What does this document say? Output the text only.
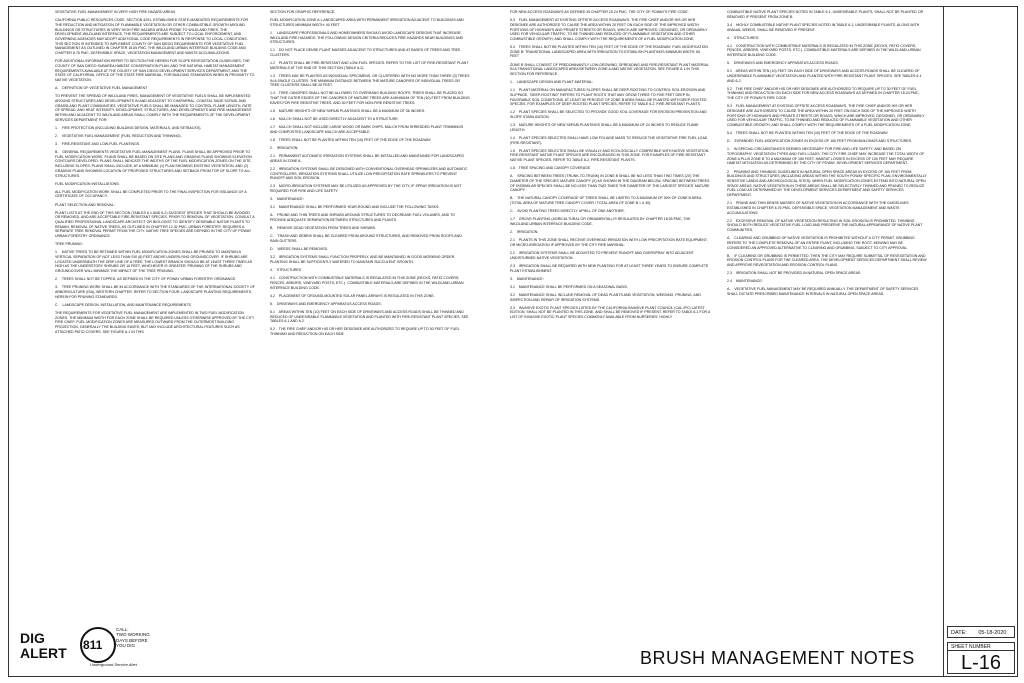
VEGETATIVE FUEL MANAGEMENT IN VERY HIGH FIRE HAZARD AREAS

CALIFORNIA PUBLIC RESOURCES CODE, SECTION 4291, ESTABLISHED STATE-MANDATED REQUIREMENTS FOR THE REDUCTION AND MITIGATION OF FLAMMABLE VEGETATION OR OTHER COMBUSTIBLE GROWTH AROUND BUILDINGS OR STRUCTURES IN VERY HIGH FIRE HAZARD AREAS PRONE TO WILDLAND FIRES. THE DEVELOPMENT-WILDLAND INTERFACE, THE REQUIREMENTS ARE SUBJECT TO LOCAL ENFORCEMENT, AND GOVERNING AGENCIES MAY ADOPT ADDITIONAL CODE REQUIREMENTS IN RESPONSE TO LOCAL CONDITIONS. THIS SECTION IS INTENDED TO IMPLEMENT COUNTY OF SAN DIEGO REQUIREMENTS FOR VEGETATIVE FUEL MANAGEMENT AS OUTLINED IN CHAPTER 15.05 PMC, THE WILDLAND-URBAN INTERFACE BUILDING CODE AND CHAPTER 8.76 PMC, DEFENSIBLE SPACE, VEGETATION MANAGEMENT AND WASTE ACCUMULATIONS.

FOR ADDITIONAL INFORMATION REFER TO SECTION FIVE HEREIN FOR SLOPE REVEGETATION GUIDELINES, THE COUNTY OF SAN DIEGO SUBAREA HABITAT CONSERVATION PLAN, AND THE NATURAL HABITAT MANAGEMENT REQUIREMENTS AVAILABLE AT THE COUNTY OF SAN DIEGO DEVELOPMENT SERVICES DEPARTMENT, AND THE STATE OF CALIFORNIA, OFFICE OF THE STATE FIRE MARSHAL, FOR BUILDING STANDARDS WHEN IN PROXIMITY TO NATIVE VEGETATION.

A.    DEFINITION OF VEGETATIVE FUEL MANAGEMENT

TO PREVENT THE SPREAD OF WILDLAND FIRES, MANAGEMENT OF VEGETATIVE FUELS SHALL BE IMPLEMENTED AROUND STRUCTURES AND DEVELOPMENTS IN AND ADJACENT TO CHAPARRAL, COASTAL SAGE SCRUB, AND GRASSLAND PLANT COMMUNITIES. VEGETATIVE FUELS SHALL BE MANAGED TO CONTROL FLAME LENGTH, RATE OF SPREAD, AND HEAT INTENSITY. DEVELOPMENT, STRUCTURES, AND DEVELOPMENTS AND FIRE MANAGEMENT WITHIN AND ADJACENT TO WILDLAND AREAS SHALL COMPLY WITH THE REQUIREMENTS OF THE DEVELOPMENT SERVICES DEPARTMENT FOR:

1.    FIRE PROTECTION (INCLUDING BUILDING DESIGN, MATERIALS, AND SETBACKS).

2.    VEGETATIVE FUEL MANAGEMENT (FUEL REDUCTION AND THINNING).

3.    FIRE-RESISTANT AND LOW-FUEL PLANTINGS.

B.    GENERAL REQUIREMENTS VEGETATIVE FUEL MANAGEMENT PLANS. PLANS SHALL BE APPROVED PRIOR TO FUEL MODIFICATION WORK. PLANS SHALL BE BASED ON SITE PLANS AND GRADING PLANS SHOWING ELEVATION CONTOURS DEVELOPED. PLANS SHALL INDICATE THE WIDTHS OF THE FUEL MODIFICATION ZONES ON THE SITE, INCLUDING SLOPES. PLANS SHALL INCLUDE, AT A MINIMUM: (1) PLAN SHOWING EXISTING VEGETATION, AND (2) GRADING PLANS SHOWING LOCATION OF PROPOSED STRUCTURES AND SETBACK FROM TOP OF SLOPE TO ALL STRUCTURES.

FUEL MODIFICATION INSTALLATIONS:

ALL FUEL MODIFICATION WORK SHALL BE COMPLETED PRIOR TO THE FINAL INSPECTION FOR ISSUANCE OF A CERTIFICATE OF OCCUPANCY.

PLANT SELECTION AND REMOVAL:

PLANT LISTS AT THE END OF THIS SECTION (TABLES 6-1 AND 6-2) SUGGEST SPECIES THAT SHOULD BE AVOIDED OR REMOVED, AND ARE ACCEPTABLE FIRE-RESISTANT SPECIES. PRIOR TO REMOVAL OF VEGETATION, CONSULT A QUALIFIED PROFESSIONAL LANDSCAPE ARCHITECT OR BIOLOGIST TO IDENTIFY DESIRABLE NATIVE PLANTS TO REMAIN. REMOVAL OF NATIVE TREES, AS OUTLINED IN CHAPTER 12.32 PMC, URBAN FORESTRY, REQUIRES A SEPARATE TREE REMOVAL PERMIT FROM THE CITY. NATIVE TREE SPECIES ARE DEFINED IN THE CITY OF POWAY URBAN FORESTRY ORDINANCE.

TREE PRUNING:

1.    NATIVE TREES TO BE RETAINED WITHIN FUEL MODIFICATION ZONES SHALL BE PRUNED TO MAINTAIN A VERTICAL SEPARATION OF NOT LESS THAN SIX (6) FEET ABOVE UNDERLYING GROUNDCOVER. IF SHRUBS ARE LOCATED UNDERNEATH THE DRIP LINE OF A TREE, THE LOWEST BRANCH SHOULD BE AT LEAST THREE TIMES AS HIGH AS THE UNDERSTORY SHRUBS OR 10 FEET, WHICHEVER IS GREATER. PRUNING OF THE SHRUBS AND GROUNDCOVER WILL MINIMIZE THE IMPACT OF THE TREE PRUNING.

2.    TREES SHALL NOT BE TOPPED, AS DEFINED IN THE CITY OF POWAY URBAN FORESTRY ORDINANCE.

3.    TREE PRUNING WORK SHALL BE IN ACCORDANCE WITH THE STANDARDS OF THE INTERNATIONAL SOCIETY OF ARBORICULTURE (ISA), WESTERN CHAPTER. REFER TO SECTION FOUR, LANDSCAPE PLANTING REQUIREMENTS, HEREIN FOR PRUNING STANDARDS.

C.    LANDSCAPE DESIGN, INSTALLATION, AND MAINTENANCE REQUIREMENTS

THE REQUIREMENTS FOR VEGETATIVE FUEL MANAGEMENT ARE IMPLEMENTED IN TWO FUEL MODIFICATION ZONES. THE MINIMUM WIDTH FOR EACH ZONE SHALL BE REQUIRED UNLESS OTHERWISE APPROVED BY THE CITY FIRE CHIEF. FUEL MODIFICATION ZONES ARE MEASURED OUTWARD FROM THE OUTERMOST BUILDING PROJECTION, GENERALLY THE BUILDING EAVES, BUT MAY INCLUDE ARCHITECTURAL FEATURES SUCH AS ATTACHED PATIO COVERS. SEE FIGURE 6-1 IN THIS

SECTION FOR GRAPHIC REFERENCE.

FUEL MODIFICATION ZONE A: LANDSCAPED AREA WITH PERMANENT IRRIGATION ADJACENT TO BUILDINGS AND STRUCTURES MINIMUM WIDTH: 40 FEET

1.    LANDSCAPE PROFESSIONALS AND HOMEOWNERS SHOULD AVOID LANDSCAPE DESIGNS THAT INCREASE WILDLAND FIRE HAZARDS. THE FOLLOWING DESIGN CRITERIA REDUCES FIRE HAZARDS NEAR BUILDINGS AND STRUCTURES:

1.1    DO NOT PLACE DENSE PLANT MASSES ADJACENT TO STRUCTURES AND AT BASES OF TREES AND TREE CLUSTERS.

1.2    PLANTS SHALL BE FIRE-RESISTANT AND LOW-FUEL SPECIES. REFER TO THE LIST OF FIRE-RESISTANT PLANT MATERIALS AT THE END OF THIS SECTION (TABLE 6-2).

1.3    TREES MAY BE PLANTED AS INDIVIDUAL SPECIMENS, OR CLUSTERED WITH NO MORE THAN THREE (3) TREES IN A SINGLE CLUSTER. THE MINIMUM DISTANCE BETWEEN THE MATURE CANOPIES OF INDIVIDUAL TREES OR TREE CLUSTERS SHALL BE 20 FEET.

1.4    TREE CANOPIES SHALL NOT BE ALLOWED TO OVERHANG BUILDING ROOFS. TREES SHALL BE PLACED SO THAT THE OUTER EDGES OF THE CANOPIES OF MATURE TREES ARE A MINIMUM OF TEN (10) FEET FROM BUILDING EAVES FOR FIRE RESISTIVE TREES, AND 30 FEET FOR NON-FIRE RESISTIVE TREES.

1.5    MATURE HEIGHTS OF NEW SHRUB PLANTINGS SHALL BE A MAXIMUM OF 36 INCHES.

1.6    MULCH SHALL NOT BE USED DIRECTLY ADJACENT TO A STRUCTURE.

1.7    MULCH SHALL NOT INCLUDE LARGE WOOD OR BARK CHIPS. MULCH FROM SHREDDED PLANT TRIMMINGS AND COMPOSTED LANDSCAPE MULCH ARE ACCEPTABLE.

1.8    TREES SHALL NOT BE PLANTED WITHIN TEN (10) FEET OF THE EDGE OF THE ROADWAY.

2.    IRRIGATION:

2.1    PERMANENT AUTOMATIC IRRIGATION SYSTEMS SHALL BE INSTALLED AND MAINTAINED FOR LANDSCAPED AREAS IN ZONE A.

2.2    IRRIGATION SYSTEMS SHALL BE DESIGNED WITH CONVENTIONAL OVERHEAD SPRINKLERS AND AUTOMATIC CONTROLLERS. IRRIGATION SYSTEMS SHALL UTILIZE LOW PRECIPITATION RATE SPRINKLERS TO PREVENT RUNOFF AND SOIL EROSION.

2.3    MICRO-IRRIGATION SYSTEMS MAY BE UTILIZED AS APPROVED BY THE CITY, IF SPRAY IRRIGATION IS NOT REQUIRED FOR FIRE AND LIFE SAFETY.

3.    MAINTENANCE:

3.1    MAINTENANCE SHALL BE PERFORMED YEAR-ROUND AND INCLUDE THE FOLLOWING TASKS:

A.    PRUNE AND THIN TREES AND SHRUBS AROUND STRUCTURES TO DECREASE FUEL VOLUMES, AND TO PROVIDE ADEQUATE SEPARATION BETWEEN STRUCTURES AND PLANTS.

B.    REMOVE DEAD VEGETATION FROM TREES AND SHRUBS.

C.    TRASH AND DEBRIS SHALL BE CLEARED FROM AROUND STRUCTURES, AND REMOVED FROM ROOFS AND RAIN GUTTERS.

D.    WEEDS SHALL BE REMOVED.

3.2    IRRIGATION SYSTEMS SHALL FUNCTION PROPERLY, AND BE MAINTAINED IN GOOD WORKING ORDER. PLANTING SHALL BE SUFFICIENTLY WATERED TO MAINTAIN SUCCULENT GROWTH.

4.    STRUCTURES

4.1    CONSTRUCTION WITH COMBUSTIBLE MATERIALS IS REGULATED IN THIS ZONE (DECKS, PATIO COVERS, FENCES, ARBORS, VINEYARD POSTS, ETC.). COMBUSTIBLE MATERIALS ARE DEFINED IN THE WILDLAND-URBAN INTERFACE BUILDING CODE.

4.2    PLACEMENT OF GROUND-MOUNTED SOLAR PANEL ARRAYS IS REGULATED IN THIS ZONE.

5.    DRIVEWAYS AND EMERGENCY APPARATUS ACCESS ROADS:

5.1    AREAS WITHIN TEN (10) FEET ON EACH SIDE OF DRIVEWAYS AND ACCESS ROADS SHALL BE THINNED AND REDUCED OF UNDESIRABLE FLAMMABLE VEGETATION AND PLANTED WITH FIRE-RESISTANT PLANT SPECIES. SEE TABLES 6-1 AND 6-2.

5.2    THE FIRE CHIEF AND/OR HIS OR HER DESIGNEE ARE AUTHORIZED TO REQUIRE UP TO 30 FEET OF FUEL THINNING AND REDUCTION ON EACH SIDE

FOR NEW ACCESS ROADWAYS AS DEFINED IN CHAPTER 15.24 PMC, THE CITY OF POWAY'S FIRE CODE.

5.3    FUEL MANAGEMENT AT EXISTING OFFSITE ACCESS ROADWAYS. THE FIRE CHIEF AND/OR HIS OR HER DESIGNEE ARE AUTHORIZED TO CAUSE THE AREA WITHIN 20 FEET ON EACH SIDE OF THE IMPROVED WIDTH PORTIONS OF HIGHWAYS AND PRIVATE STREETS OR ROADS, WHICH ARE IMPROVED, DESIGNED, OR ORDINARILY USED FOR VEHICULAR TRAFFIC, TO BE THINNED AND REDUCED OF FLAMMABLE VEGETATION AND OTHER COMBUSTIBLE GROWTH, AND SHALL COMPLY WITH THE REQUIREMENTS OF A FUEL MODIFICATION ZONE.

5.4    TREES SHALL NOT BE PLANTED WITHIN TEN (10) FEET OF THE EDGE OF THE ROADWAY. FUEL MODIFICATION ZONE B: TRANSITIONAL LANDSCAPED AREA WITH IRRIGATION TO ESTABLISH PLANTINGS MINIMUM WIDTH: 60 FEET

ZONE B SHALL CONSIST OF PREDOMINANTLY LOW-GROWING, SPREADING AND FIRE-RESISTANT PLANT MATERIAL IN A TRANSITIONAL LANDSCAPED AREA BETWEEN ZONE A AND NATIVE VEGETATION. SEE FIGURE 6-1 IN THIS SECTION FOR REFERENCE.

1.    LANDSCAPE DESIGN AND PLANT MATERIAL:

1.1    PLANT MATERIAL ON MANUFACTURED SLOPES SHALL BE DEEP-ROOTING TO CONTROL SOIL EROSION AND SLIPPAGE. "DEEP-ROOTING" REFERS TO PLANT ROOTS THAT MAY GROW THREE TO FIVE FEET DEEP IN FAVORABLE SOIL CONDITIONS. AT LEAST 50 PERCENT OF ZONE B AREA SHALL BE PLANTED WITH DEEP-ROOTED SPECIES. FOR EXAMPLES OF DEEP-ROOTED PLANT SPECIES, REFER TO TABLE 6-2, FIRE-RESISTANT PLANTS.

1.2    PLANT SPECIES SHALL BE SELECTED TO PROVIDE GOOD SOIL COVERAGE FOR EROSION PREVENTION AND SLOPE STABILIZATION.

1.3    MATURE HEIGHTS OF NEW SHRUB PLANTINGS SHALL BE A MAXIMUM OF 24 INCHES TO REDUCE FLAME LENGTH.

1.4    PLANT SPECIES SELECTED SHALL HAVE LOW FOLIAGE MASS TO REDUCE THE VEGETATIVE FIRE FUEL LOAD (FIRE-RESISTANT).

1.5    PLANT SPECIES SELECTED SHALL BE VISUALLY AND ECOLOGICALLY COMPATIBLE WITH NATIVE VEGETATION. FIRE-RESISTANT NATIVE PLANT SPECIES ARE ENCOURAGED IN THIS ZONE. FOR EXAMPLES OF FIRE-RESISTANT NATIVE PLANT SPECIES, REFER TO TABLE 6-2, FIRE-RESISTANT PLANTS.

1.6    TREE SPACING AND CANOPY COVERAGE

A.    SPACING BETWEEN TREES (TRUNK-TO-TRUNK) IN ZONE B SHALL BE NO LESS THAN TWO TIMES (2X) THE DIAMETER OF THE SPECIES' MATURE CANOPY (X) AS SHOWN IN THE DIAGRAM BELOW. SPACING BETWEEN TREES OF DISSIMILAR SPECIES SHALL BE NO LESS THAN TWO TIMES THE DIAMETER OF THE LARGEST SPECIES' MATURE CANOPY.

B.    THE NATURAL CANOPY COVERAGE OF TREES SHALL BE LIMITED TO A MAXIMUM OF 30% OF ZONE B AREA (TOTAL AREA OF MATURE TREE CANOPY COVER / TOTAL AREA OF ZONE B < 0.30).

C.    AVOID PLANTING TREES DIRECTLY UPHILL OF ONE ANOTHER.

1.7    GROVE PLANTING (AGRICULTURAL OR ORNAMENTAL) IS REGULATED BY CHAPTER 15.05 PMC, THE WILDLAND-URBAN INTERFACE BUILDING CODE.

2.    IRRIGATION:

2.1    PLANTS IN THIS ZONE SHALL RECEIVE OVERHEAD IRRIGATION WITH LOW PRECIPITATION RATE EQUIPMENT, OR MICRO-IRRIGATION IF APPROVED BY THE CITY FIRE MARSHAL.

2.2    IRRIGATION SYSTEMS SHALL BE ADJUSTED TO PREVENT RUNOFF AND OVERSPRAY INTO ADJACENT UNDISTURBED NATIVE VEGETATION.

2.3    IRRIGATION SHALL BE REQUIRED WITH NEW PLANTING FOR AT LEAST THREE YEARS TO ENSURE COMPLETE PLANT ESTABLISHMENT.

3.    MAINTENANCE:

3.1    MAINTENANCE SHALL BE PERFORMED ON A SEASONAL BASIS.

3.2    MAINTENANCE SHALL INCLUDE REMOVAL OF DEAD PLANTS AND VEGETATION, WEEDING, PRUNING, AND INSPECTION AND REPAIR OF IRRIGATION SYSTEMS.

3.3    INVASIVE EXOTIC PLANT SPECIES LISTED BY THE CALIFORNIA INVASIVE PLANT COUNCIL (CAL-IPC) LATEST EDITION, SHALL NOT BE PLANTED IN THIS ZONE, AND SHALL BE REMOVED IF PRESENT. REFER TO TABLE 6-1 FOR A LIST OF INVASIVE EXOTIC PLANT SPECIES COMMONLY AVAILABLE FROM NURSERIES. HIGHLY

COMBUSTIBLE NATIVE PLANT SPECIES NOTED IN TABLE 6-1, UNDESIRABLE PLANTS, SHALL NOT BE PLANTED OR REMOVED IF PRESENT FROM ZONE B.

3.4    HIGHLY COMBUSTIBLE NATIVE PLANT SPECIES NOTED IN TABLE 6-1, UNDESIRABLE PLANTS, ALONG WITH ANNUAL WEEDS, SHALL BE REMOVED IF PRESENT.

4.    STRUCTURES:

4.1    CONSTRUCTION WITH COMBUSTIBLE MATERIALS IS REGULATED IN THIS ZONE (DECKS, PATIO COVERS, FENCES, ARBORS, VINEYARD POSTS, ETC.). COMBUSTIBLE MATERIALS ARE DEFINED IN THE WILDLAND-URBAN INTERFACE BUILDING CODE.

5.    DRIVEWAYS AND EMERGENCY APPARATUS ACCESS ROADS:

5.1    AREAS WITHIN TEN (10) FEET ON EACH SIDE OF DRIVEWAYS AND ACCESS ROADS SHALL BE CLEARED OF UNDESIRABLE FLAMMABLE VEGETATION AND PLANTED WITH FIRE-RESISTANT PLANT SPECIES. SEE TABLES 6-1 AND 6-2.

5.2    THE FIRE CHIEF AND/OR HIS OR HER DESIGNEE ARE AUTHORIZED TO REQUIRE UP TO 30 FEET OF FUEL THINNING AND REDUCTION ON EACH SIDE FOR NEW ACCESS ROADWAYS AS DEFINED IN CHAPTER 15.24 PMC, THE CITY OF POWAY'S FIRE CODE.

5.3    FUEL MANAGEMENT AT EXISTING OFFSITE ACCESS ROADWAYS. THE FIRE CHIEF AND/OR HIS OR HER DESIGNEE ARE AUTHORIZED TO CAUSE THE AREA WITHIN 20 FEET ON EACH SIDE OF THE IMPROVED WIDTH PORTIONS OF HIGHWAYS AND PRIVATE STREETS OR ROADS, WHICH ARE IMPROVED, DESIGNED, OR ORDINARILY USED FOR VEHICULAR TRAFFIC, TO BE THINNED AND REDUCED OF FLAMMABLE VEGETATION AND OTHER COMBUSTIBLE GROWTH, AND SHALL COMPLY WITH THE REQUIREMENTS OF A FUEL MODIFICATION ZONE.

5.4    TREES SHALL NOT BE PLANTED WITHIN TEN (10) FEET OF THE EDGE OF THE ROADWAY.

D.    EXPANDED FUEL MODIFICATION ZONES IN EXCESS OF 100 FEET FROM BUILDINGS AND STRUCTURES.

1.    IN SPECIAL CIRCUMSTANCES DEEMED NECESSARY FOR FIRE AND LIFE SAFETY, AND BASED ON TOPOGRAPHY, VEGETATION TYPES AND FUEL LOADS, THE CITY FIRE CHIEF MAY INCREASE THE TOTAL WIDTH OF ZONE A PLUS ZONE B TO A MAXIMUM OF 150 FEET. HABITAT LOSSES IN EXCESS OF 100 FEET MAY REQUIRE HABITAT MITIGATION AS DETERMINED BY THE CITY OF POWAY, DEVELOPMENT SERVICES DEPARTMENT.

2.    PRUNING AND THINNING GUIDELINES IN NATURAL OPEN SPACE AREAS IN EXCESS OF 100 FEET FROM BUILDINGS AND STRUCTURES (INCLUDING AREAS WITHIN THE SOUTH POWAY SPECIFIC PLAN, ENVIRONMENTALLY SENSITIVE LANDS AND ARCHEOLOGICAL SITES): WHEN FUEL MODIFICATION ZONES EXTEND INTO NATURAL OPEN SPACE AREAS, NATIVE VEGETATION IN THESE AREAS SHALL BE SELECTIVELY THINNED AND PRUNED TO REDUCE FUEL LOAD AS DETERMINED BY THE DEVELOPMENT SERVICES DEPARTMENT AND SAFETY SERVICES DEPARTMENT.

2.1    PRUNE AND THIN DENSE MASSES OF NATIVE VEGETATION IN ACCORDANCE WITH THE GUIDELINES ESTABLISHED IN CHAPTER 8.76 PMC, DEFENSIBLE SPACE, VEGETATION MANAGEMENT AND WASTE ACCUMULATIONS.

2.2    EXCESSIVE REMOVAL OF NATIVE VEGETATION RESULTING IN SOIL EROSION IS PROHIBITED. THINNING SHOULD BOTH REDUCE VEGETATIVE FUEL LOAD AND PRESERVE THE NATURAL APPEARANCE OF NATIVE PLANT COMMUNITIES.

A.    CLEARING AND GRUBBING OF NATIVE VEGETATION IS PROHIBITED WITHOUT A CITY PERMIT. GRUBBING REFERS TO THE COMPLETE REMOVAL OF AN ENTIRE PLANT, INCLUDING THE ROOT. MOWING MAY BE CONSIDERED AN APPROVED ALTERNATIVE TO CLEARING AND GRUBBING, SUBJECT TO CITY APPROVAL.

B.    IF CLEARING OR GRUBBING IS PERMITTED, THEN THE CITY MAY REQUIRE SUBMITTAL OF REVEGETATION AND EROSION CONTROL PLANS FOR THE CLEARED AREA. THE DEVELOPMENT SERVICES DEPARTMENT SHALL REVIEW AND APPROVE REVEGETATION AND EROSION CONTROL PLANS.

2.3    IRRIGATION SHALL NOT BE PROVIDED IN NATURAL OPEN SPACE AREAS.

2.4    MAINTENANCE:

A.    VEGETATIVE FUEL MANAGEMENT MAY BE REQUIRED ANNUALLY. THE DEPARTMENT OF SAFETY SERVICES SHALL DICTATE PRESCRIBED MAINTENANCE INTERVALS IN NATURAL OPEN SPACE AREAS.

DIG
ALERT 811
CALL:
TWO WORKING
DAYS BEFORE
YOU DIG
Underground Service Alert	BRUSH MANAGEMENT NOTES
DATE: 05-18-2020
SHEET NUMBER
L-16
